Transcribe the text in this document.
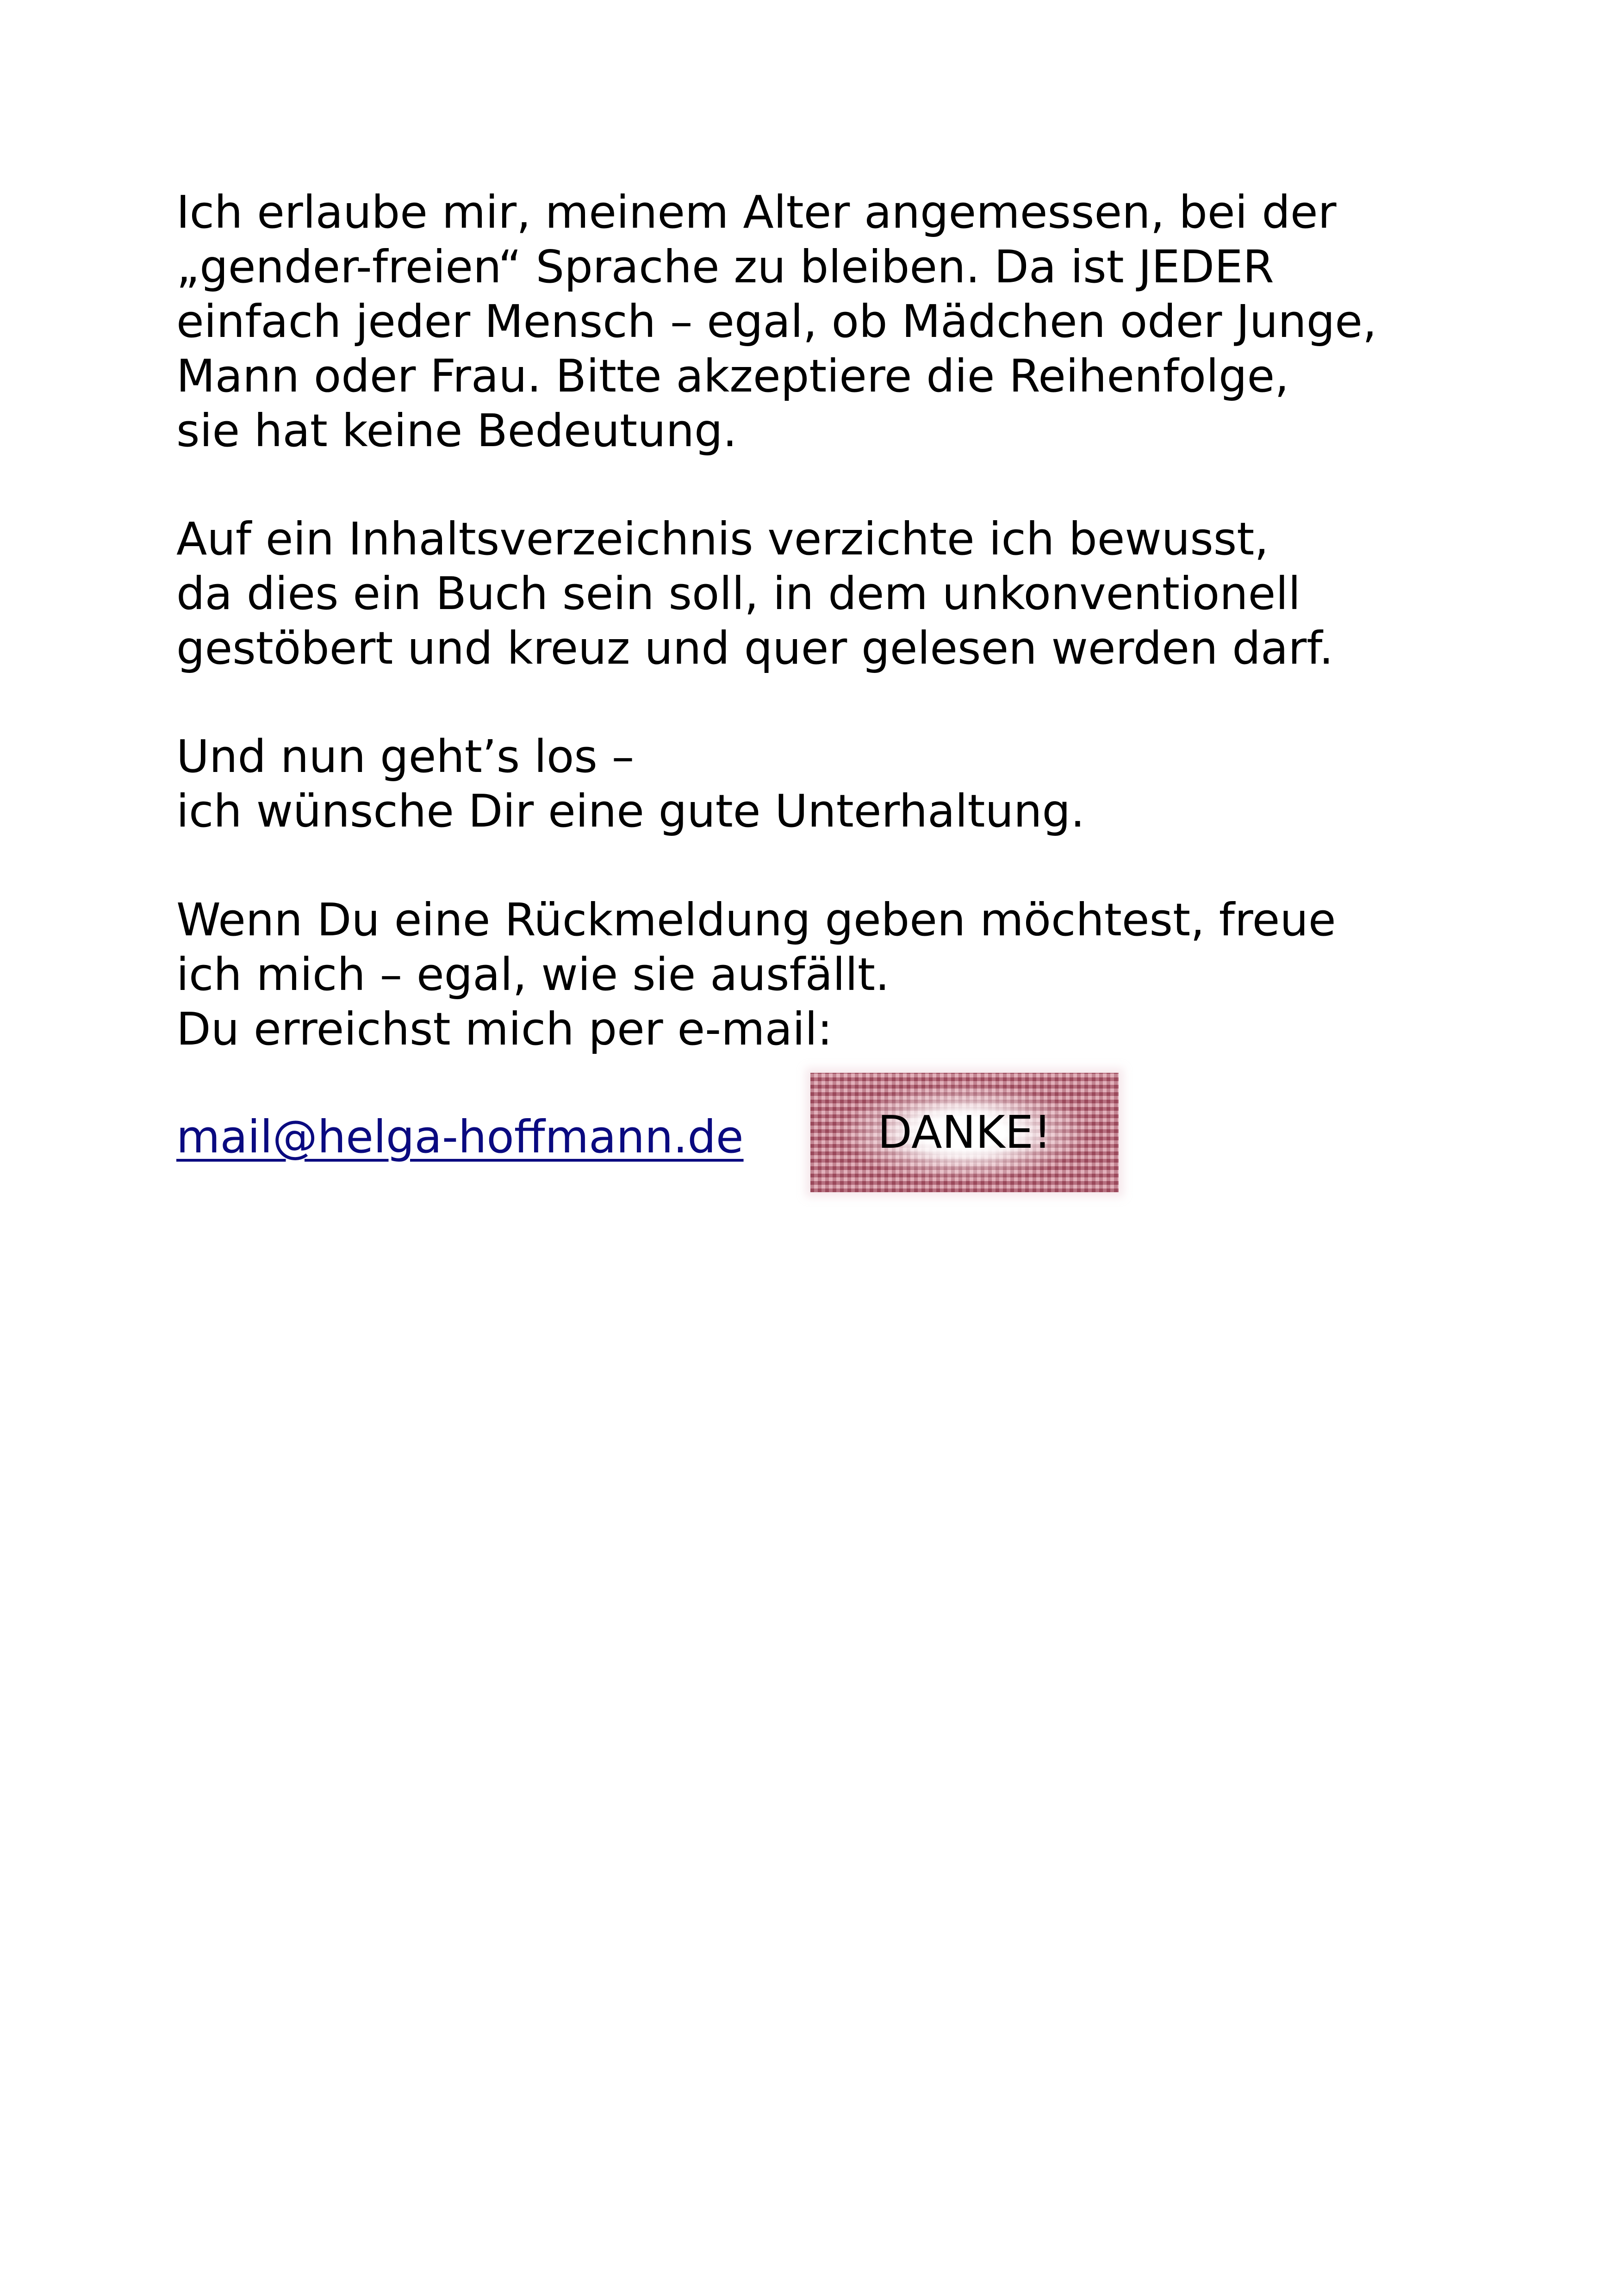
Ich erlaube mir, meinem Alter angemessen, bei der
„gender-freien“ Sprache zu bleiben. Da ist JEDER
einfach jeder Mensch – egal, ob Mädchen oder Junge,
Mann oder Frau. Bitte akzeptiere die Reihenfolge,
sie hat keine Bedeutung.
Auf ein Inhaltsverzeichnis verzichte ich bewusst,
da dies ein Buch sein soll, in dem unkonventionell
gestöbert und kreuz und quer gelesen werden darf.
Und nun geht’s los –
ich wünsche Dir eine gute Unterhaltung.
Wenn Du eine Rückmeldung geben möchtest, freue
ich mich – egal, wie sie ausfällt.
Du erreichst mich per e-mail:
mail@helga-hoffmann.de	DANKE!
